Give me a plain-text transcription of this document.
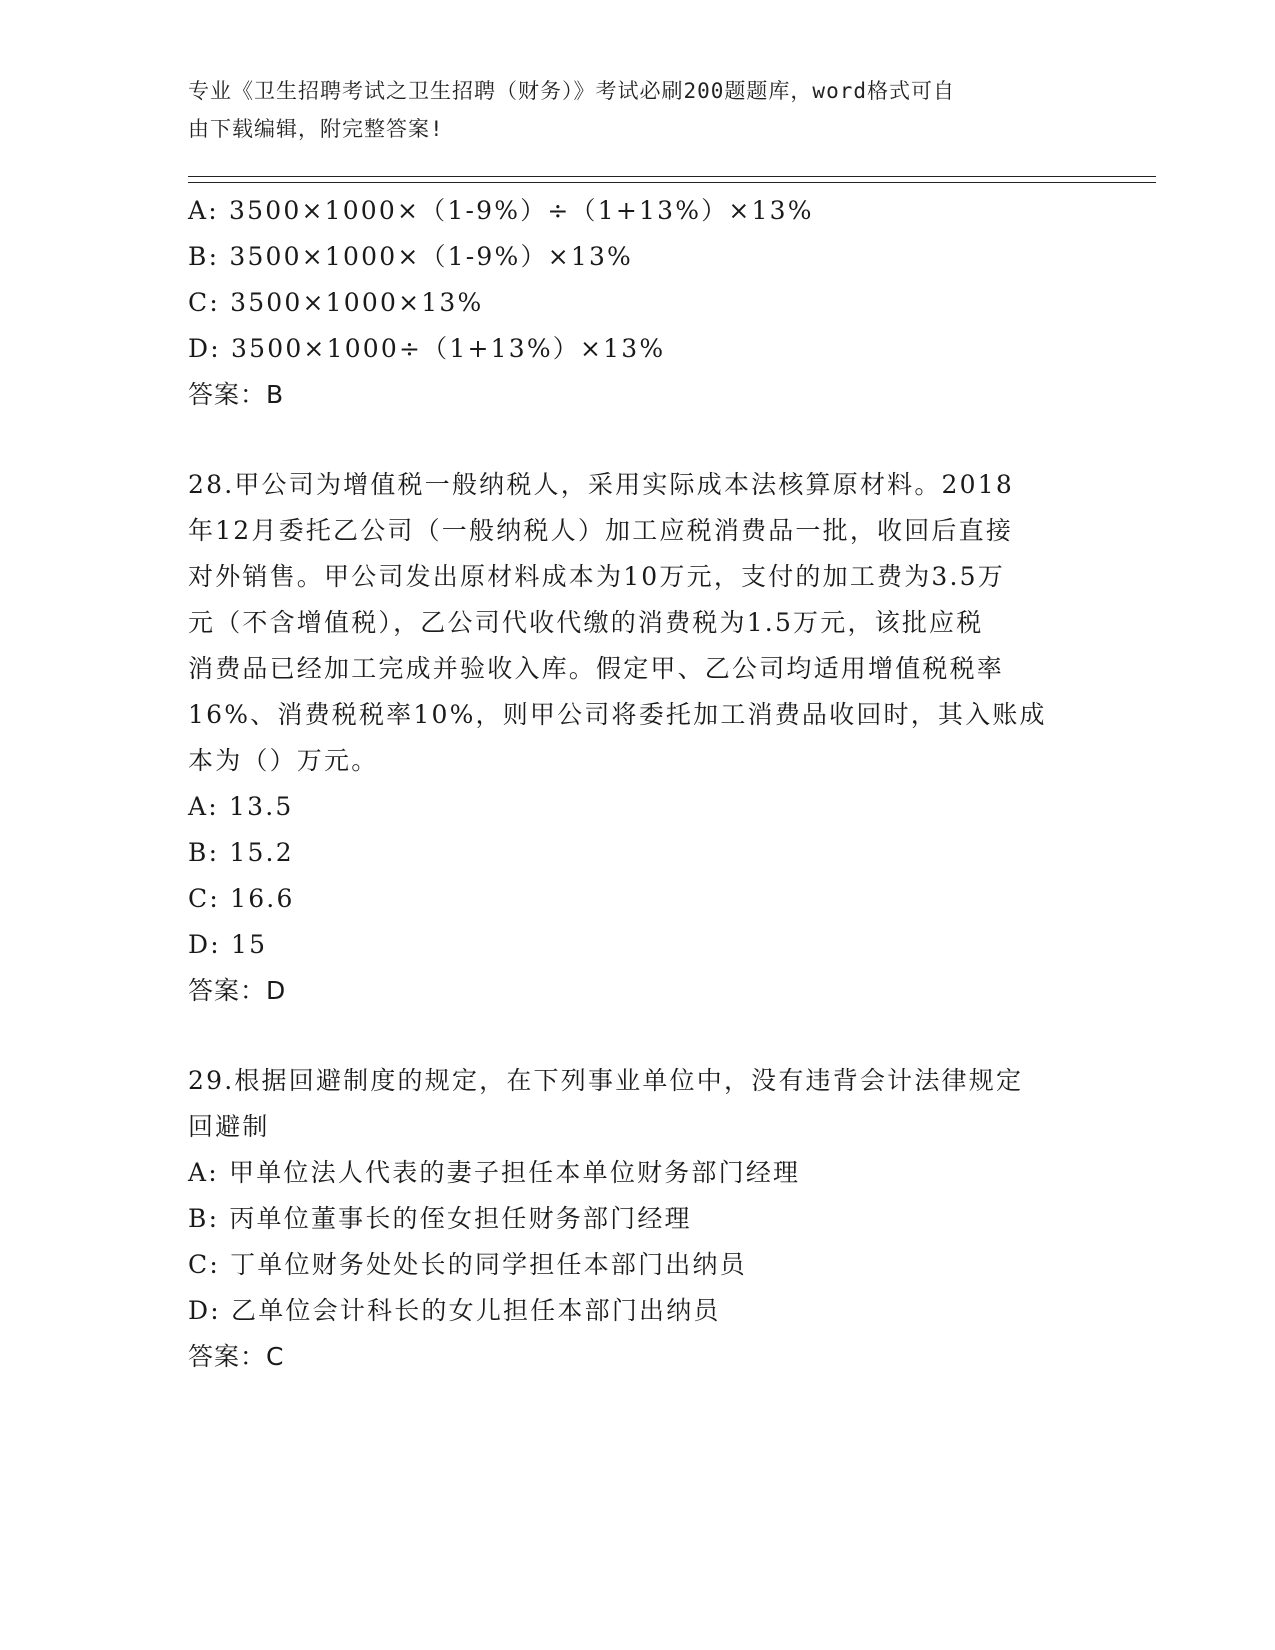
专业《卫生招聘考试之卫生招聘（财务）》考试必刷200题题库，word格式可自
由下载编辑，附完整答案!
A: 3500×1000×（1-9%）÷（1+13%）×13%
B: 3500×1000×（1-9%）×13%
C: 3500×1000×13%
D: 3500×1000÷（1+13%）×13%
答案：B
28.甲公司为增值税一般纳税人，采用实际成本法核算原材料。2018
年12月委托乙公司（一般纳税人）加工应税消费品一批，收回后直接
对外销售。甲公司发出原材料成本为10万元，支付的加工费为3.5万
元（不含增值税），乙公司代收代缴的消费税为1.5万元，该批应税
消费品已经加工完成并验收入库。假定甲、乙公司均适用增值税税率
16%、消费税税率10%，则甲公司将委托加工消费品收回时，其入账成
本为（）万元。
A: 13.5
B: 15.2
C: 16.6
D: 15
答案：D
29.根据回避制度的规定，在下列事业单位中，没有违背会计法律规定
回避制
A: 甲单位法人代表的妻子担任本单位财务部门经理
B: 丙单位董事长的侄女担任财务部门经理
C: 丁单位财务处处长的同学担任本部门出纳员
D: 乙单位会计科长的女儿担任本部门出纳员
答案：C
